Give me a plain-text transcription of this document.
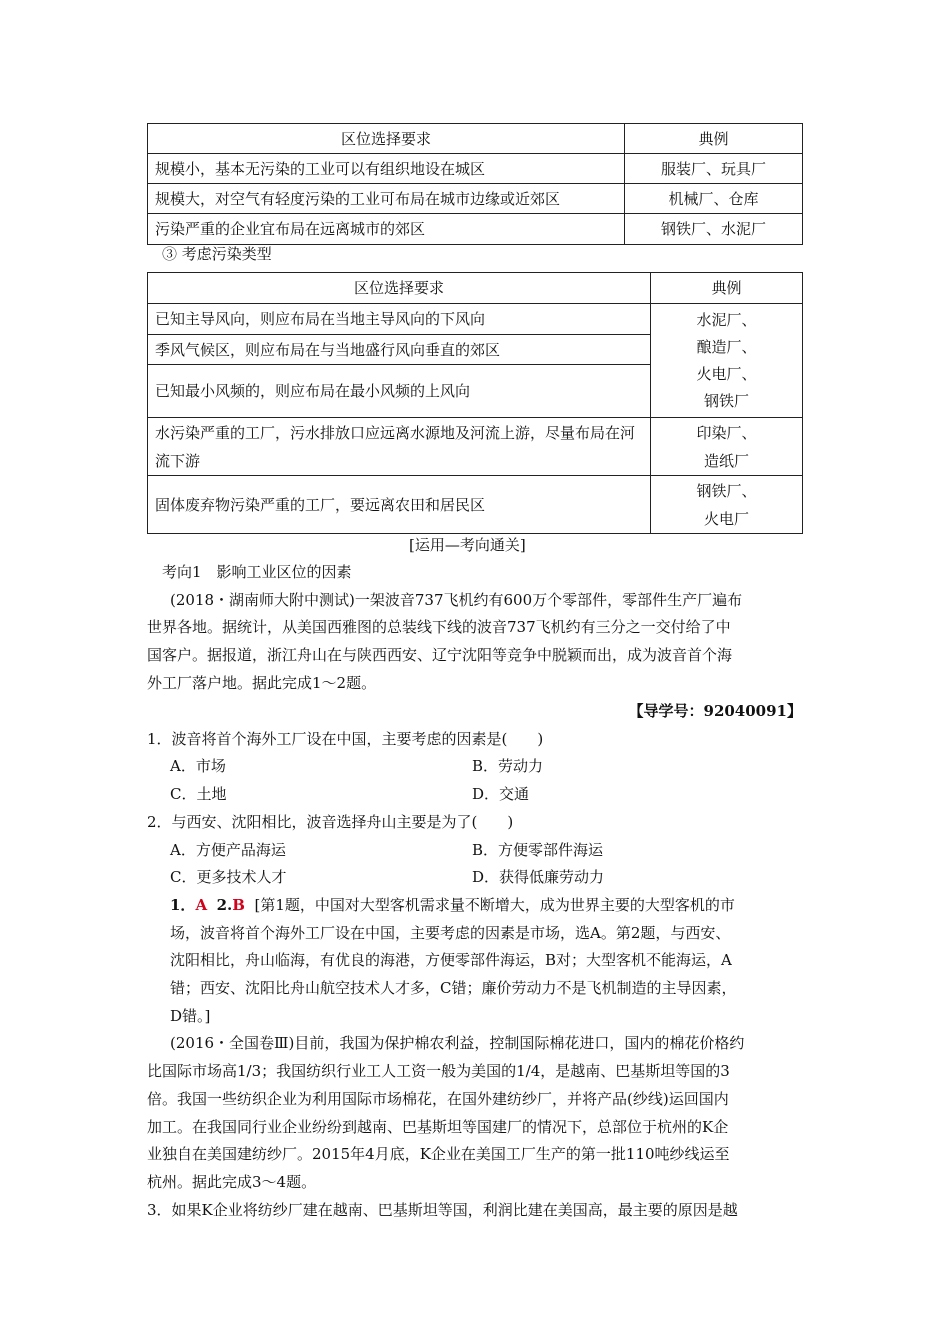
区位选择要求	典例
规模小，基本无污染的工业可以有组织地设在城区	服装厂、玩具厂
规模大，对空气有轻度污染的工业可布局在城市边缘或近郊区	机械厂、仓库
污染严重的企业宜布局在远离城市的郊区	钢铁厂、水泥厂
③ 考虑污染类型
区位选择要求	典例
已知主导风向，则应布局在当地主导风向的下风向	水泥厂、
酿造厂、
火电厂、
钢铁厂

季风气候区，则应布局在与当地盛行风向垂直的郊区	
已知最小风频的，则应布局在最小风频的上风向	
水污染严重的工厂，污水排放口应远离水源地及河流上游，尽量布局在河流下游	印染厂、
造纸厂

固体废弃物污染严重的工厂，要远离农田和居民区	钢铁厂、
火电厂
[运用—考向通关]
考向1　影响工业区位的因素
(2018・湖南师大附中测试)一架波音737飞机约有600万个零部件，零部件生产厂遍布
世界各地。据统计，从美国西雅图的总装线下线的波音737飞机约有三分之一交付给了中
国客户。据报道，浙江舟山在与陕西西安、辽宁沈阳等竞争中脱颖而出，成为波音首个海
外工厂落户地。据此完成1～2题。
【导学号：92040091】
1．波音将首个海外工厂设在中国，主要考虑的因素是(　　)
A．市场	B．劳动力
C．土地	D．交通
2．与西安、沈阳相比，波音选择舟山主要是为了(　　)
A．方便产品海运	B．方便零部件海运
C．更多技术人才	D．获得低廉劳动力
1．A 2.B [第1题，中国对大型客机需求量不断增大，成为世界主要的大型客机的市
场，波音将首个海外工厂设在中国，主要考虑的因素是市场，选A。第2题，与西安、
沈阳相比，舟山临海，有优良的海港，方便零部件海运，B对；大型客机不能海运，A
错；西安、沈阳比舟山航空技术人才多，C错；廉价劳动力不是飞机制造的主导因素，
D错。]
(2016・全国卷Ⅲ)目前，我国为保护棉农利益，控制国际棉花进口，国内的棉花价格约
比国际市场高1/3；我国纺织行业工人工资一般为美国的1/4，是越南、巴基斯坦等国的3
倍。我国一些纺织企业为利用国际市场棉花，在国外建纺纱厂，并将产品(纱线)运回国内
加工。在我国同行业企业纷纷到越南、巴基斯坦等国建厂的情况下，总部位于杭州的K企
业独自在美国建纺纱厂。2015年4月底，K企业在美国工厂生产的第一批110吨纱线运至
杭州。据此完成3～4题。
3．如果K企业将纺纱厂建在越南、巴基斯坦等国，利润比建在美国高，最主要的原因是越
